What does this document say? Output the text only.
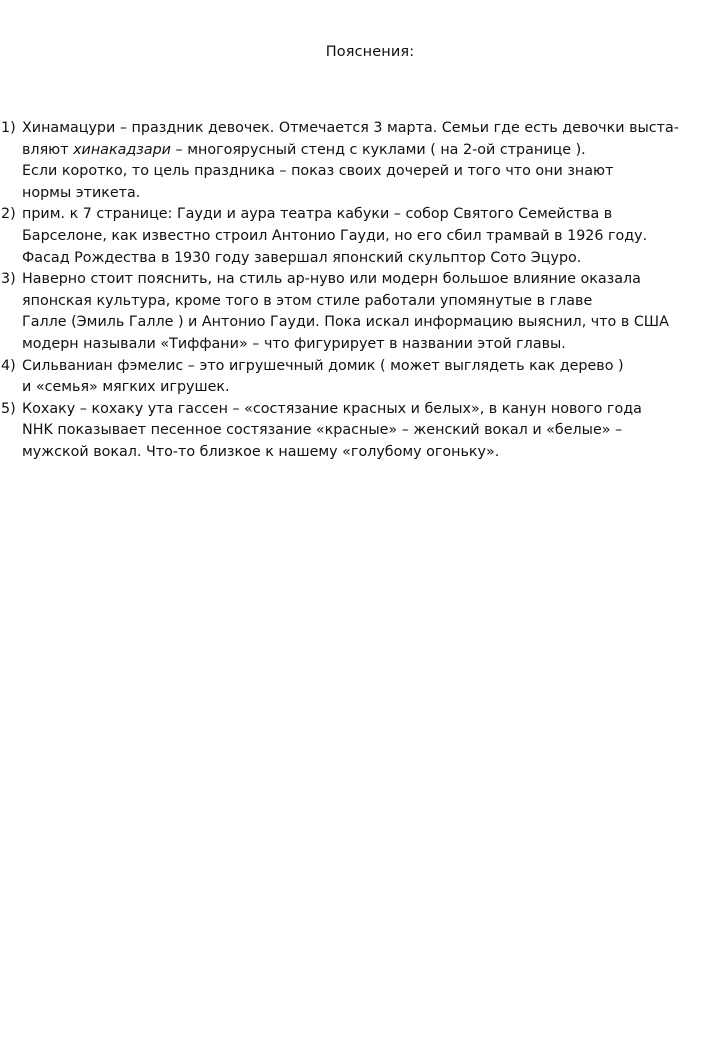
Пояснения:
1) Хинамацури – праздник девочек. Отмечается 3 марта. Семьи где есть девочки выста-
вляют хинакадзари – многоярусный стенд с куклами ( на 2-ой странице ).
Если коротко, то цель праздника – показ своих дочерей и того что они знают
нормы этикета.
2) прим. к 7 странице: Гауди и аура театра кабуки – собор Святого Семейства в
Барселоне, как известно строил Антонио Гауди, но его сбил трамвай в 1926 году.
Фасад Рождества в 1930 году завершал японский скульптор Сото Эцуро.
3) Наверно стоит пояснить, на стиль ар-нуво или модерн большое влияние оказала
японская культура, кроме того в этом стиле работали упомянутые в главе
Галле (Эмиль Галле ) и Антонио Гауди. Пока искал информацию выяснил, что в США
модерн называли «Тиффани» – что фигурирует в названии этой главы.
4) Сильваниан фэмелис – это игрушечный домик ( может выглядеть как дерево )
и «семья» мягких игрушек.
5) Кохаку – кохаку ута гассен – «состязание красных и белых», в канун нового года
NHK показывает песенное состязание «красные» – женский вокал и «белые» –
мужской вокал. Что-то близкое к нашему «голубому огоньку».
